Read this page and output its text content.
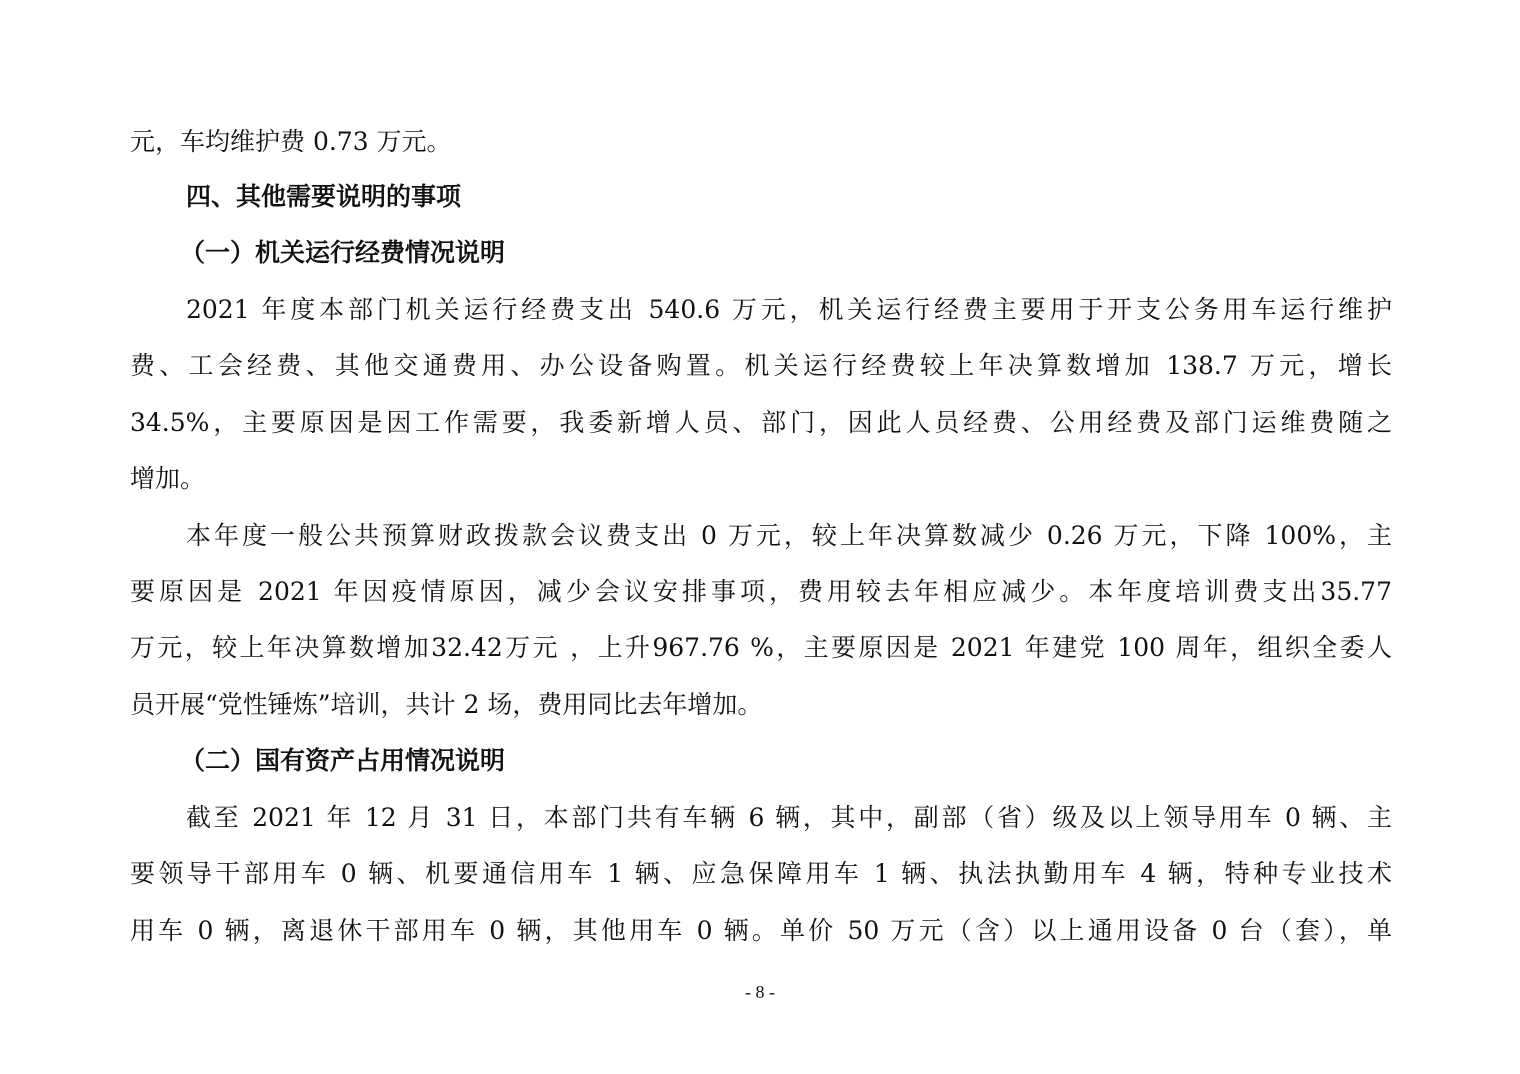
元，车均维护费 0.73 万元。
四、其他需要说明的事项
（一）机关运行经费情况说明
2021 年度本部门机关运行经费支出 540.6 万元，机关运行经费主要用于开支公务用车运行维护
费、工会经费、其他交通费用、办公设备购置。机关运行经费较上年决算数增加 138.7 万元，增长
34.5%，主要原因是因工作需要，我委新增人员、部门，因此人员经费、公用经费及部门运维费随之
增加。
本年度一般公共预算财政拨款会议费支出 0 万元，较上年决算数减少 0.26 万元，下降 100%，主
要原因是 2021 年因疫情原因，减少会议安排事项，费用较去年相应减少。本年度培训费支出35.77
万元，较上年决算数增加32.42万元 ，上升967.76 %，主要原因是 2021 年建党 100 周年，组织全委人
员开展“党性锤炼”培训，共计 2 场，费用同比去年增加。
（二）国有资产占用情况说明
截至 2021 年 12 月 31 日，本部门共有车辆 6 辆，其中，副部（省）级及以上领导用车 0 辆、主
要领导干部用车 0 辆、机要通信用车 1 辆、应急保障用车 1 辆、执法执勤用车 4 辆，特种专业技术
用车 0 辆，离退休干部用车 0 辆，其他用车 0 辆。单价 50 万元（含）以上通用设备 0 台（套），单
- 8 -
